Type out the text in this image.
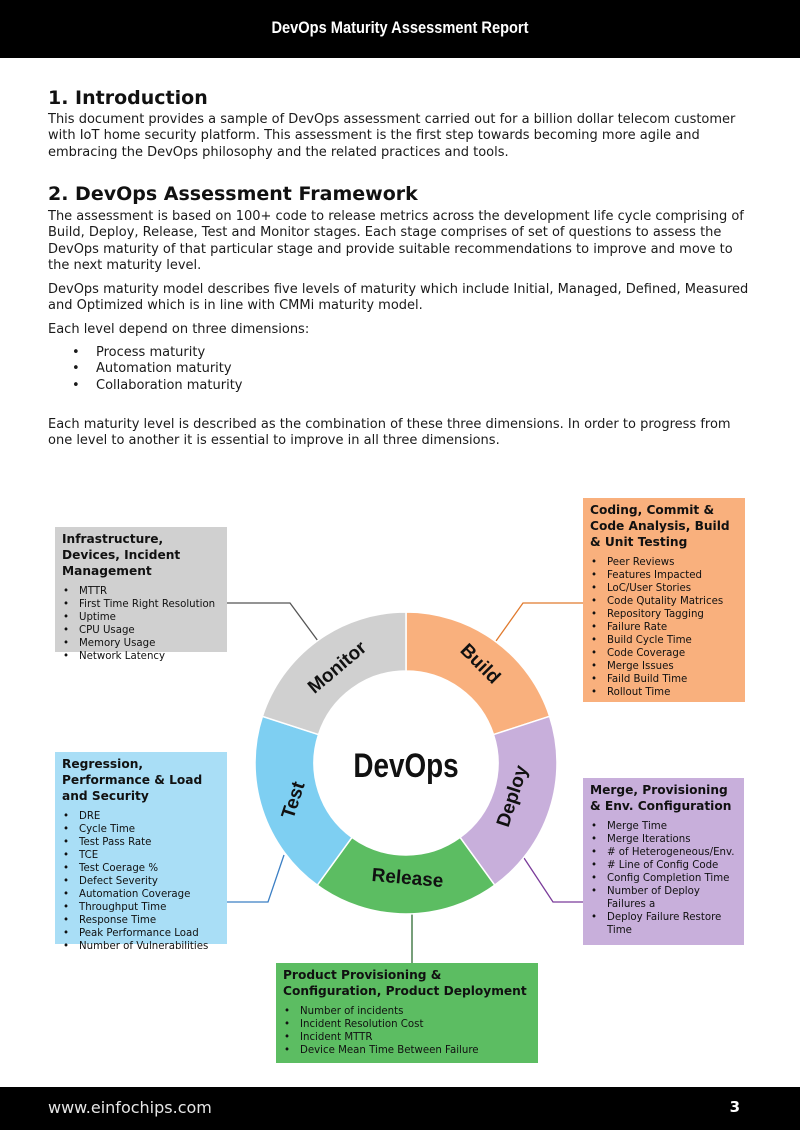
DevOps Maturity Assessment Report
1. Introduction

This document provides a sample of DevOps assessment carried out for a billion dollar telecom customer with IoT home security platform. This assessment is the first step towards becoming more agile and embracing the DevOps philosophy and the related practices and tools.

2. DevOps Assessment Framework

The assessment is based on 100+ code to release metrics across the development life cycle comprising of Build, Deploy, Release, Test and Monitor stages. Each stage comprises of set of questions to assess the DevOps maturity of that particular stage and provide suitable recommendations to improve and move to the next maturity level.

DevOps maturity model describes five levels of maturity which include Initial, Managed, Defined, Measured and Optimized which is in line with CMMi maturity model.

Each level depend on three dimensions:

• Process maturity
• Automation maturity
• Collaboration maturity

Each maturity level is described as the combination of these three dimensions. In order to progress from one level to another it is essential to improve in all three dimensions.

Build
Deploy
Release
Test
Monitor
DevOps
Coding, Commit & Code Analysis, Build & Unit Testing
• Peer Reviews
• Features Impacted
• LoC/User Stories
• Code Qutality Matrices
• Repository Tagging
• Failure Rate
• Build Cycle Time
• Code Coverage
• Merge Issues
• Faild Build Time
• Rollout Time
Infrastructure, Devices, Incident Management
• MTTR
• First Time Right Resolution
• Uptime
• CPU Usage
• Memory Usage
• Network Latency
Regression, Performance & Load and Security
• DRE
• Cycle Time
• Test Pass Rate
• TCE
• Test Coerage %
• Defect Severity
• Automation Coverage
• Throughput Time
• Response Time
• Peak Performance Load
• Number of Vulnerabilities
Merge, Provisioning & Env. Configuration
• Merge Time
• Merge Iterations
• # of Heterogeneous/Env.
• # Line of Config Code
• Config Completion Time
• Number of Deploy Failures a
• Deploy Failure Restore Time
Product Provisioning & Configuration, Product Deployment
• Number of incidents
• Incident Resolution Cost
• Incident MTTR
• Device Mean Time Between Failure
www.einfochips.com	3
